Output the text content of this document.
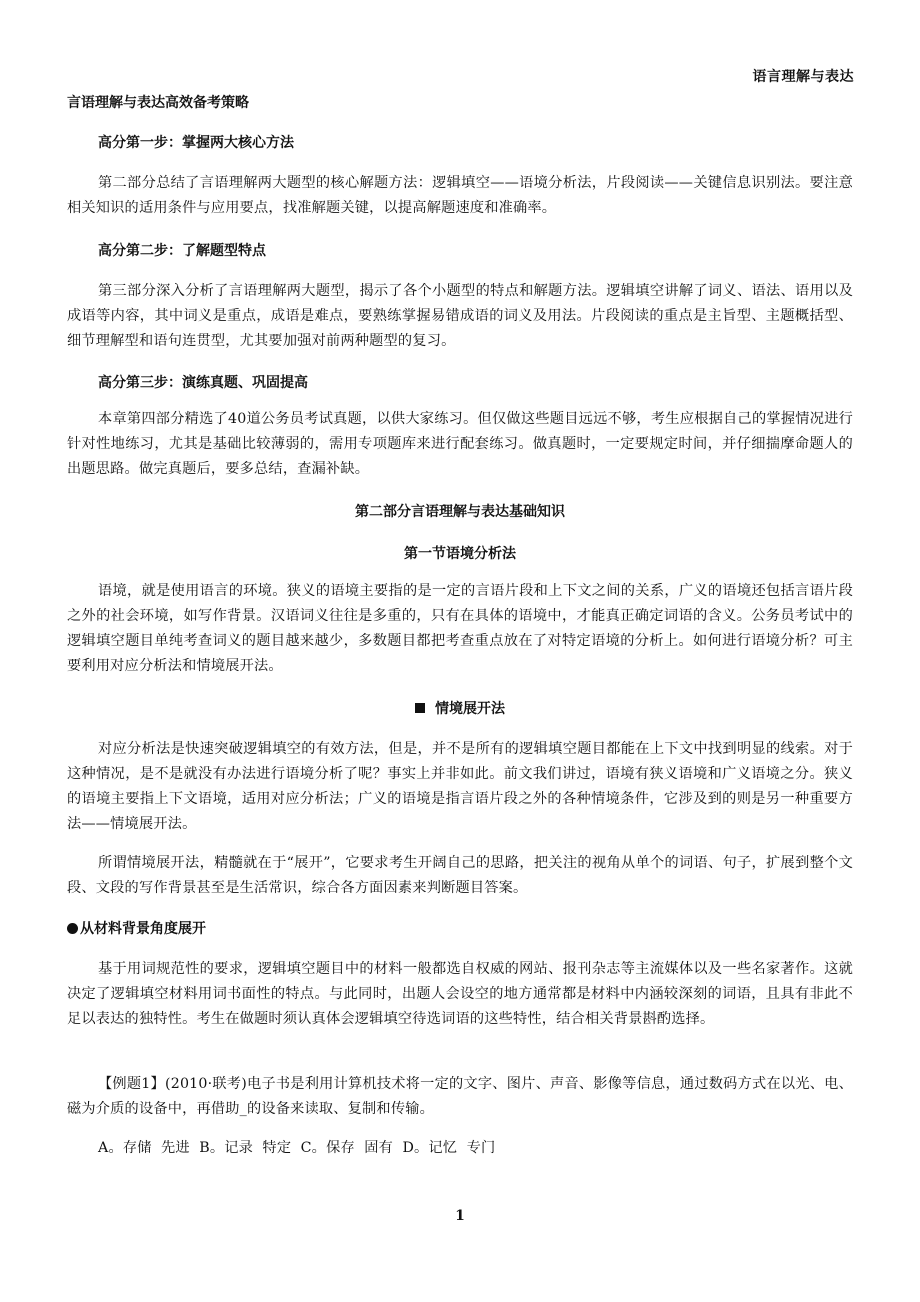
语言理解与表达
言语理解与表达高效备考策略
高分第一步：掌握两大核心方法
第二部分总结了言语理解两大题型的核心解题方法：逻辑填空——语境分析法，片段阅读——关键信息识别法。要注意相关知识的适用条件与应用要点，找准解题关键，以提高解题速度和准确率。
高分第二步：了解题型特点
第三部分深入分析了言语理解两大题型，揭示了各个小题型的特点和解题方法。逻辑填空讲解了词义、语法、语用以及成语等内容，其中词义是重点，成语是难点，要熟练掌握易错成语的词义及用法。片段阅读的重点是主旨型、主题概括型、细节理解型和语句连贯型，尤其要加强对前两种题型的复习。
高分第三步：演练真题、巩固提高
本章第四部分精选了40道公务员考试真题，以供大家练习。但仅做这些题目远远不够，考生应根据自己的掌握情况进行针对性地练习，尤其是基础比较薄弱的，需用专项题库来进行配套练习。做真题时，一定要规定时间，并仔细揣摩命题人的出题思路。做完真题后，要多总结，查漏补缺。
第二部分言语理解与表达基础知识
第一节语境分析法
语境，就是使用语言的环境。狭义的语境主要指的是一定的言语片段和上下文之间的关系，广义的语境还包括言语片段之外的社会环境，如写作背景。汉语词义往往是多重的，只有在具体的语境中，才能真正确定词语的含义。公务员考试中的逻辑填空题目单纯考查词义的题目越来越少，多数题目都把考查重点放在了对特定语境的分析上。如何进行语境分析？可主要利用对应分析法和情境展开法。
情境展开法
对应分析法是快速突破逻辑填空的有效方法，但是，并不是所有的逻辑填空题目都能在上下文中找到明显的线索。对于这种情况，是不是就没有办法进行语境分析了呢？事实上并非如此。前文我们讲过，语境有狭义语境和广义语境之分。狭义的语境主要指上下文语境，适用对应分析法；广义的语境是指言语片段之外的各种情境条件，它涉及到的则是另一种重要方法——情境展开法。
所谓情境展开法，精髓就在于“展开”，它要求考生开阔自己的思路，把关注的视角从单个的词语、句子，扩展到整个文段、文段的写作背景甚至是生活常识，综合各方面因素来判断题目答案。
从材料背景角度展开
基于用词规范性的要求，逻辑填空题目中的材料一般都选自权威的网站、报刊杂志等主流媒体以及一些名家著作。这就决定了逻辑填空材料用词书面性的特点。与此同时，出题人会设空的地方通常都是材料中内涵较深刻的词语，且具有非此不足以表达的独特性。考生在做题时须认真体会逻辑填空待选词语的这些特性，结合相关背景斟酌选择。
【例题1】(2010·联考)电子书是利用计算机技术将一定的文字、图片、声音、影像等信息，通过数码方式在以光、电、磁为介质的设备中，再借助_的设备来读取、复制和传输。
A。存储  先进  B。记录  特定  C。保存  固有  D。记忆  专门
1
